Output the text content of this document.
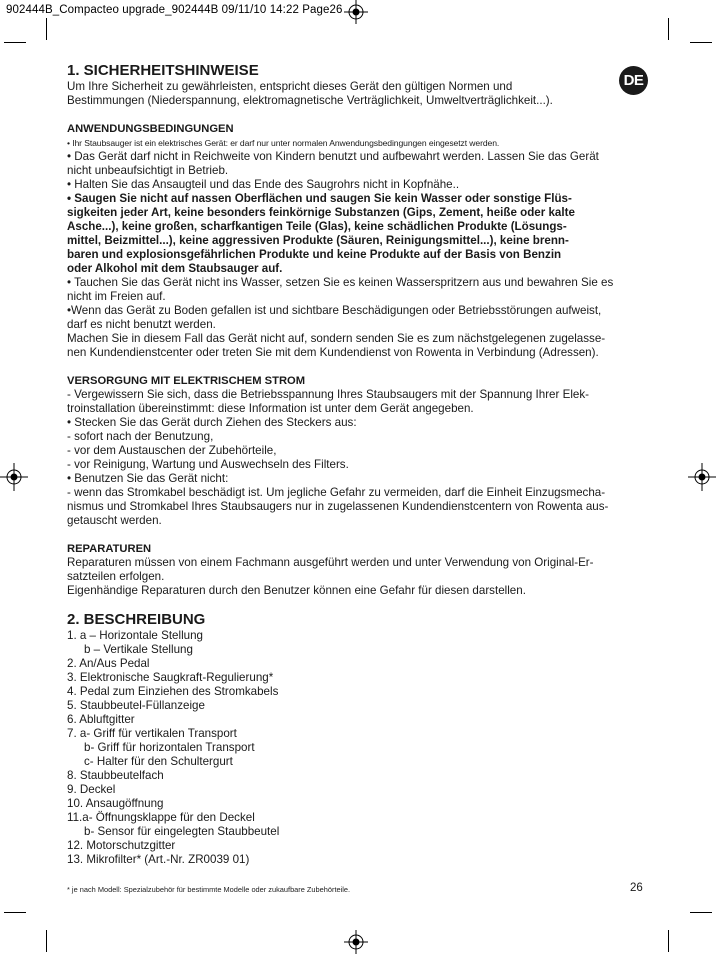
902444B_Compacteo upgrade_902444B 09/11/10 14:22 Page26
DE
1. SICHERHEITSHINWEISE

Um Ihre Sicherheit zu gewährleisten, entspricht dieses Gerät den gültigen Normen und

Bestimmungen (Niederspannung, elektromagnetische Verträglichkeit, Umweltverträglichkeit...).

ANWENDUNGSBEDINGUNGEN

• Ihr Staubsauger ist ein elektrisches Gerät: er darf nur unter normalen Anwendungsbedingungen eingesetzt werden.

• Das Gerät darf nicht in Reichweite von Kindern benutzt und aufbewahrt werden. Lassen Sie das Gerät

nicht unbeaufsichtigt in Betrieb.

• Halten Sie das Ansaugteil und das Ende des Saugrohrs nicht in Kopfnähe..

• Saugen Sie nicht auf nassen Oberflächen und saugen Sie kein Wasser oder sonstige Flüs-

sigkeiten jeder Art, keine besonders feinkörnige Substanzen (Gips, Zement, heiße oder kalte

Asche...), keine großen, scharfkantigen Teile (Glas), keine schädlichen Produkte (Lösungs-

mittel, Beizmittel...), keine aggressiven Produkte (Säuren, Reinigungsmittel...), keine brenn-

baren und explosionsgefährlichen Produkte und keine Produkte auf der Basis von Benzin

oder Alkohol mit dem Staubsauger auf.

• Tauchen Sie das Gerät nicht ins Wasser, setzen Sie es keinen Wasserspritzern aus und bewahren Sie es

nicht im Freien auf.

•Wenn das Gerät zu Boden gefallen ist und sichtbare Beschädigungen oder Betriebsstörungen aufweist,

darf es nicht benutzt werden.

Machen Sie in diesem Fall das Gerät nicht auf, sondern senden Sie es zum nächstgelegenen zugelasse-

nen Kundendienstcenter oder treten Sie mit dem Kundendienst von Rowenta in Verbindung (Adressen).

VERSORGUNG MIT ELEKTRISCHEM STROM

- Vergewissern Sie sich, dass die Betriebsspannung Ihres Staubsaugers mit der Spannung Ihrer Elek-

troinstallation übereinstimmt: diese Information ist unter dem Gerät angegeben.

• Stecken Sie das Gerät durch Ziehen des Steckers aus:

- sofort nach der Benutzung,

- vor dem Austauschen der Zubehörteile,

- vor Reinigung, Wartung und Auswechseln des Filters.

• Benutzen Sie das Gerät nicht:

- wenn das Stromkabel beschädigt ist. Um jegliche Gefahr zu vermeiden, darf die Einheit Einzugsmecha-

nismus und Stromkabel Ihres Staubsaugers nur in zugelassenen Kundendienstcentern von Rowenta aus-

getauscht werden.

REPARATUREN

Reparaturen müssen von einem Fachmann ausgeführt werden und unter Verwendung von Original-Er-

satzteilen erfolgen.

Eigenhändige Reparaturen durch den Benutzer können eine Gefahr für diesen darstellen.

2. BESCHREIBUNG

1. a – Horizontale Stellung

b – Vertikale Stellung

2. An/Aus Pedal

3. Elektronische Saugkraft-Regulierung*

4. Pedal zum Einziehen des Stromkabels

5. Staubbeutel-Füllanzeige

6. Abluftgitter

7. a- Griff für vertikalen Transport

b- Griff für horizontalen Transport

c- Halter für den Schultergurt

8. Staubbeutelfach

9. Deckel

10. Ansaugöffnung

11.a- Öffnungsklappe für den Deckel

b- Sensor für eingelegten Staubbeutel

12. Motorschutzgitter

13. Mikrofilter* (Art.-Nr. ZR0039 01)

26
* je nach Modell: Spezialzubehör für bestimmte Modelle oder zukaufbare Zubehörteile.
